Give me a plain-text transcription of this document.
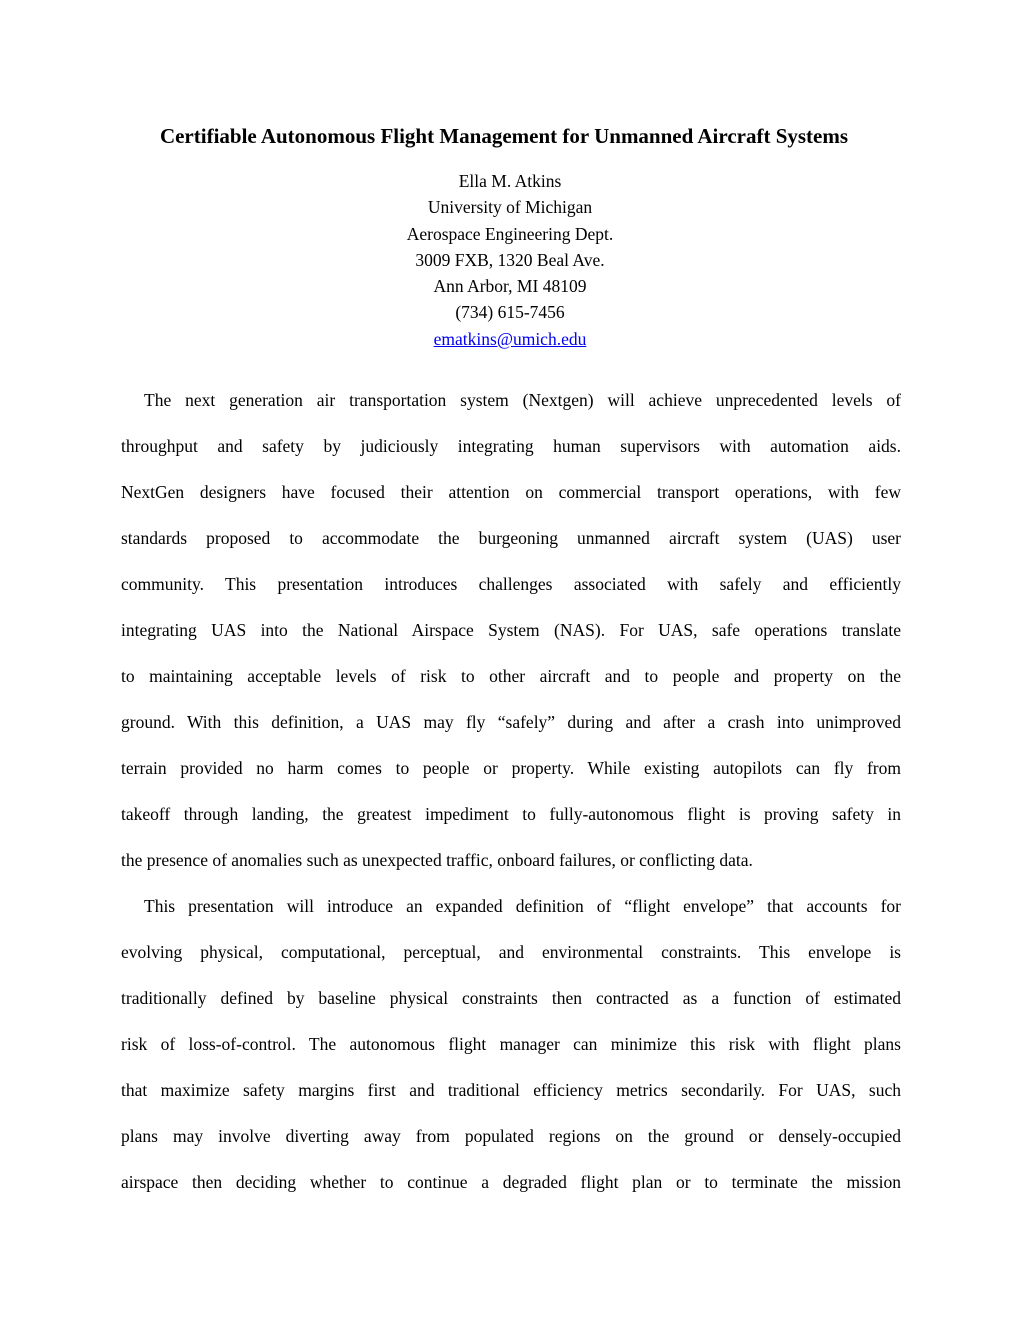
Certifiable Autonomous Flight Management for Unmanned Aircraft Systems
Ella M. Atkins
University of Michigan
Aerospace Engineering Dept.
3009 FXB, 1320 Beal Ave.
Ann Arbor, MI 48109
(734) 615-7456
ematkins@umich.edu
The next generation air transportation system (Nextgen) will achieve unprecedented levels of
throughput and safety by judiciously integrating human supervisors with automation aids.
NextGen designers have focused their attention on commercial transport operations, with few
standards proposed to accommodate the burgeoning unmanned aircraft system (UAS) user
community. This presentation introduces challenges associated with safely and efficiently
integrating UAS into the National Airspace System (NAS). For UAS, safe operations translate
to maintaining acceptable levels of risk to other aircraft and to people and property on the
ground. With this definition, a UAS may fly “safely” during and after a crash into unimproved
terrain provided no harm comes to people or property. While existing autopilots can fly from
takeoff through landing, the greatest impediment to fully-autonomous flight is proving safety in
the presence of anomalies such as unexpected traffic, onboard failures, or conflicting data.
This presentation will introduce an expanded definition of “flight envelope” that accounts for
evolving physical, computational, perceptual, and environmental constraints. This envelope is
traditionally defined by baseline physical constraints then contracted as a function of estimated
risk of loss-of-control. The autonomous flight manager can minimize this risk with flight plans
that maximize safety margins first and traditional efficiency metrics secondarily. For UAS, such
plans may involve diverting away from populated regions on the ground or densely-occupied
airspace then deciding whether to continue a degraded flight plan or to terminate the mission
